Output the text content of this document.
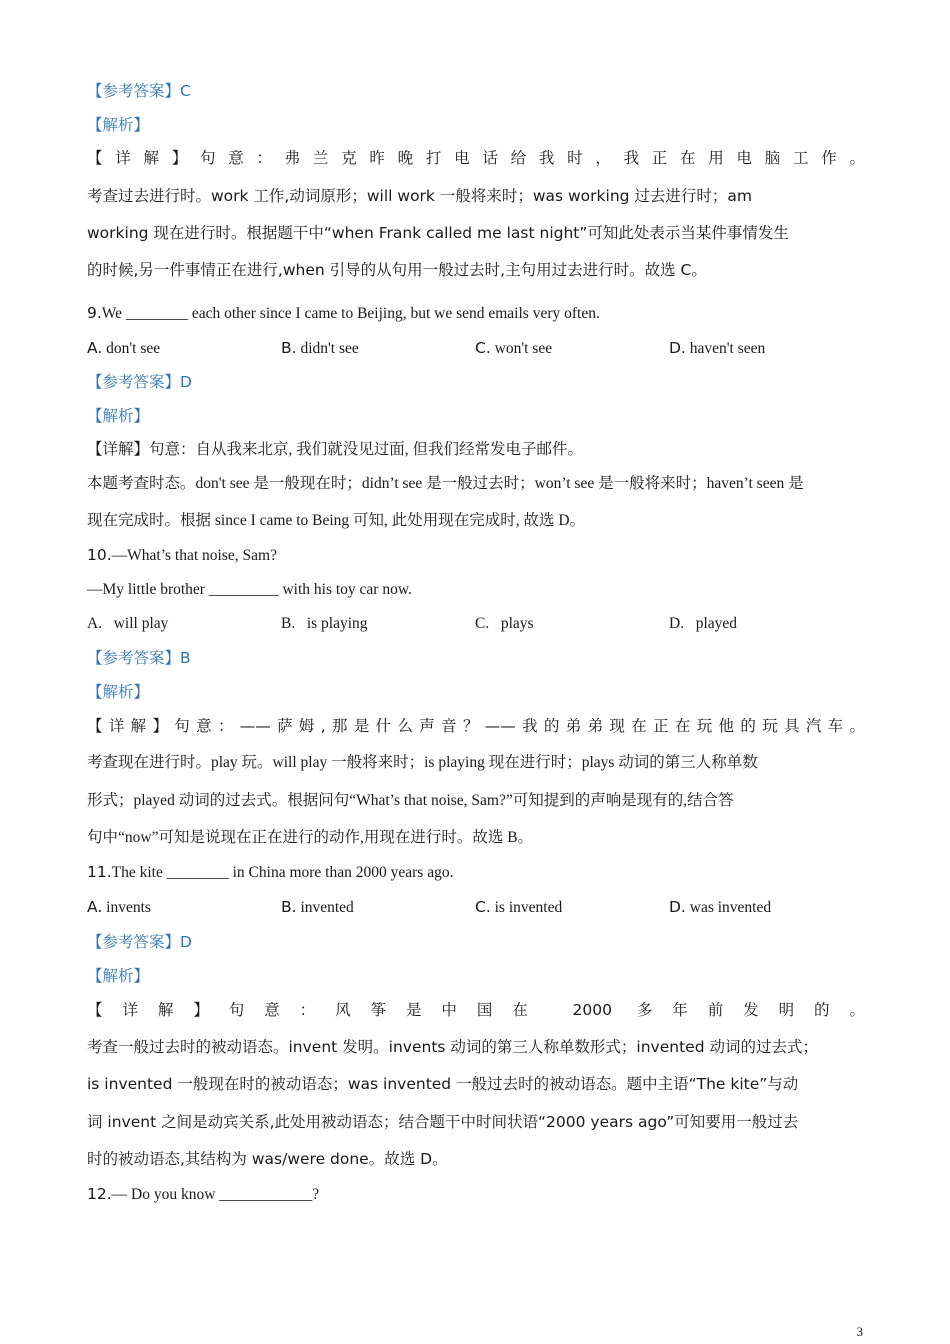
【参考答案】C
【解析】
【详解】句意：弗兰克昨晚打电话给我时，我正在用电脑工作。
考查过去进行时。work 工作,动词原形；will work 一般将来时；was working 过去进行时；am
working 现在进行时。根据题干中“when Frank called me last night”可知此处表示当某件事情发生
的时候,另一件事情正在进行,when 引导的从句用一般过去时,主句用过去进行时。故选 C。
9.We ________ each other since I came to Beijing, but we send emails very often.
A. don't see	B. didn't see	C. won't see	D. haven't seen
【参考答案】D
【解析】
【详解】句意：自从我来北京, 我们就没见过面, 但我们经常发电子邮件。
本题考查时态。don't see 是一般现在时；didn’t see 是一般过去时；won’t see 是一般将来时；haven’t seen 是
现在完成时。根据 since I came to Being 可知, 此处用现在完成时, 故选 D。
10.—What’s that noise, Sam?
—My little brother _________ with his toy car now.
A. will play	B. is playing	C. plays	D. played
【参考答案】B
【解析】
【详解】句意：——萨姆,那是什么声音？——我的弟弟现在正在玩他的玩具汽车。
考查现在进行时。play 玩。will play 一般将来时；is playing 现在进行时；plays 动词的第三人称单数
形式；played 动词的过去式。根据问句“What’s that noise, Sam?”可知提到的声响是现有的,结合答
句中“now”可知是说现在正在进行的动作,用现在进行时。故选 B。
11.The kite ________ in China more than 2000 years ago.
A. invents	B. invented	C. is invented	D. was invented
【参考答案】D
【解析】
【详解】句意：风筝是中国在 2000 多年前发明的。
考查一般过去时的被动语态。invent 发明。invents 动词的第三人称单数形式；invented 动词的过去式；
is invented 一般现在时的被动语态；was invented 一般过去时的被动语态。题中主语“The kite”与动
词 invent 之间是动宾关系,此处用被动语态；结合题干中时间状语“2000 years ago”可知要用一般过去
时的被动语态,其结构为 was/were done。故选 D。
12.— Do you know ____________?
3
